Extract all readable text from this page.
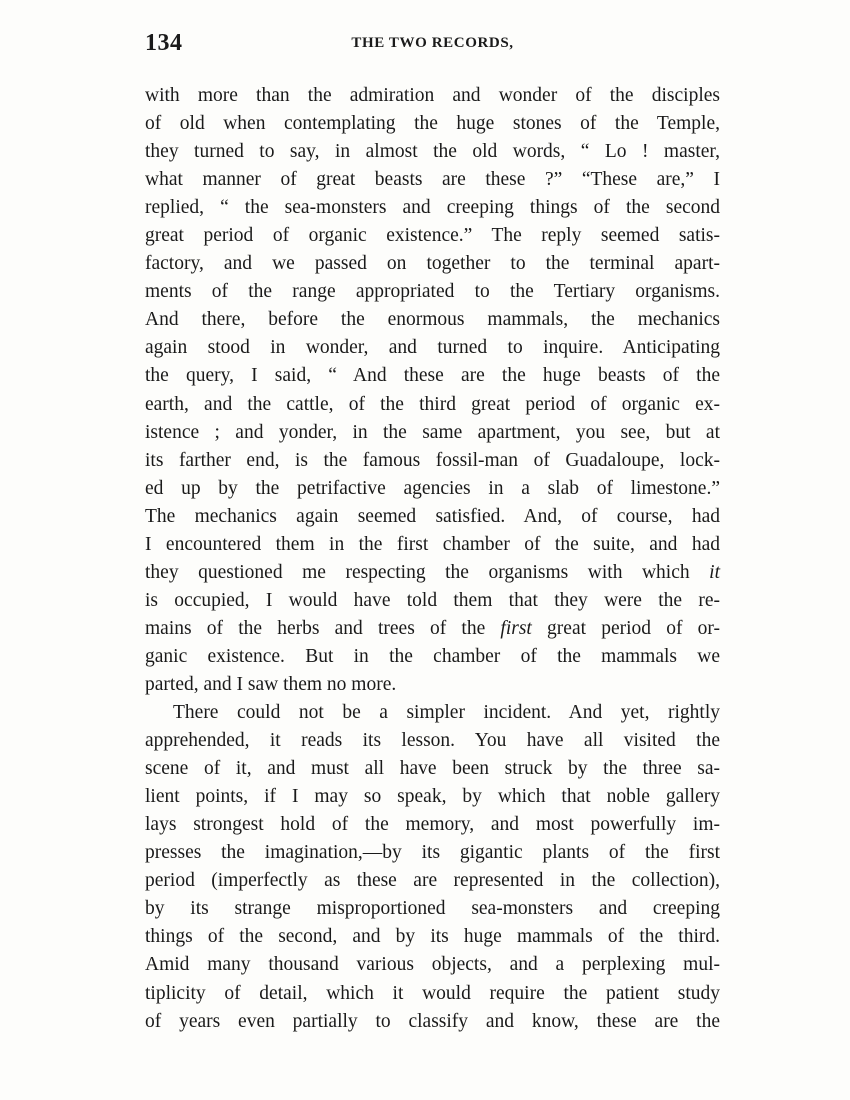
134	THE TWO RECORDS,
with more than the admiration and wonder of the disciples
of old when contemplating the huge stones of the Temple,
they turned to say, in almost the old words, “ Lo ! master,
what manner of great beasts are these ?” “These are,” I
replied, “ the sea-monsters and creeping things of the second
great period of organic existence.” The reply seemed satis-
factory, and we passed on together to the terminal apart-
ments of the range appropriated to the Tertiary organisms.
And there, before the enormous mammals, the mechanics
again stood in wonder, and turned to inquire. Anticipating
the query, I said, “ And these are the huge beasts of the
earth, and the cattle, of the third great period of organic ex-
istence ; and yonder, in the same apartment, you see, but at
its farther end, is the famous fossil-man of Guadaloupe, lock-
ed up by the petrifactive agencies in a slab of limestone.”
The mechanics again seemed satisfied. And, of course, had
I encountered them in the first chamber of the suite, and had
they questioned me respecting the organisms with which it
is occupied, I would have told them that they were the re-
mains of the herbs and trees of the first great period of or-
ganic existence. But in the chamber of the mammals we
parted, and I saw them no more.
There could not be a simpler incident. And yet, rightly
apprehended, it reads its lesson. You have all visited the
scene of it, and must all have been struck by the three sa-
lient points, if I may so speak, by which that noble gallery
lays strongest hold of the memory, and most powerfully im-
presses the imagination,—by its gigantic plants of the first
period (imperfectly as these are represented in the collection),
by its strange misproportioned sea-monsters and creeping
things of the second, and by its huge mammals of the third.
Amid many thousand various objects, and a perplexing mul-
tiplicity of detail, which it would require the patient study
of years even partially to classify and know, these are the
